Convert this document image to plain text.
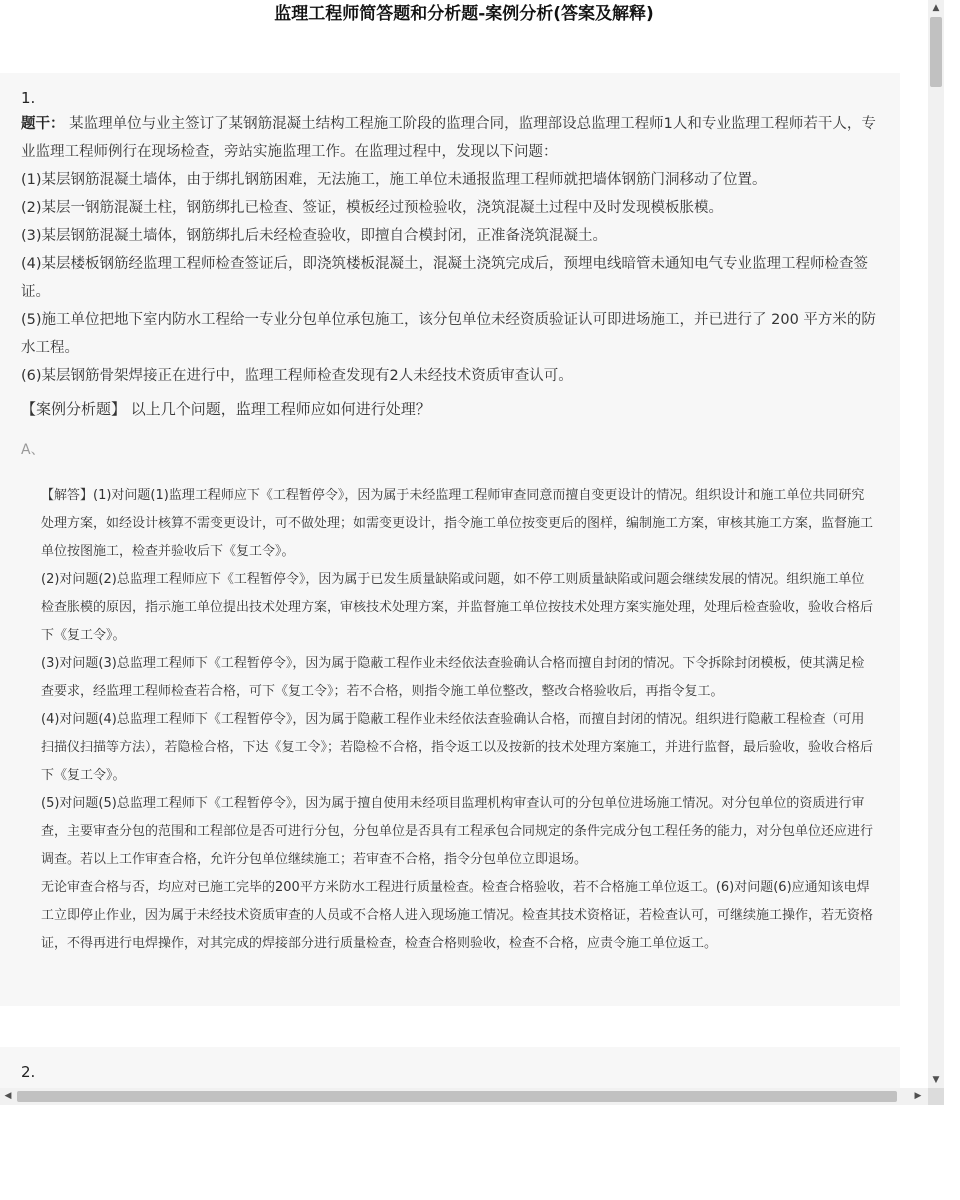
监理工程师简答题和分析题-案例分析(答案及解释)
1.

题干： 某监理单位与业主签订了某钢筋混凝土结构工程施工阶段的监理合同，监理部设总监理工程师1人和专业监理工程师若干人，专业监理工程师例行在现场检查，旁站实施监理工作。在监理过程中，发现以下问题：

(1)某层钢筋混凝土墙体，由于绑扎钢筋困难，无法施工，施工单位未通报监理工程师就把墙体钢筋门洞移动了位置。

(2)某层一钢筋混凝土柱，钢筋绑扎已检查、签证，模板经过预检验收，浇筑混凝土过程中及时发现模板胀模。

(3)某层钢筋混凝土墙体，钢筋绑扎后未经检查验收，即擅自合模封闭，正准备浇筑混凝土。

(4)某层楼板钢筋经监理工程师检查签证后，即浇筑楼板混凝土，混凝土浇筑完成后，预埋电线暗管未通知电气专业监理工程师检查签证。

(5)施工单位把地下室内防水工程给一专业分包单位承包施工，该分包单位未经资质验证认可即进场施工，并已进行了 200 平方米的防水工程。

(6)某层钢筋骨架焊接正在进行中，监理工程师检查发现有2人未经技术资质审查认可。

【案例分析题】 以上几个问题，监理工程师应如何进行处理？
A、

【解答】(1)对问题(1)监理工程师应下《工程暂停令》，因为属于未经监理工程师审查同意而擅自变更设计的情况。组织设计和施工单位共同研究处理方案，如经设计核算不需变更设计，可不做处理；如需变更设计，指令施工单位按变更后的图样，编制施工方案，审核其施工方案，监督施工单位按图施工，检查并验收后下《复工令》。

(2)对问题(2)总监理工程师应下《工程暂停令》，因为属于已发生质量缺陷或问题，如不停工则质量缺陷或问题会继续发展的情况。组织施工单位检查胀模的原因，指示施工单位提出技术处理方案，审核技术处理方案，并监督施工单位按技术处理方案实施处理，处理后检查验收，验收合格后下《复工令》。

(3)对问题(3)总监理工程师下《工程暂停令》，因为属于隐蔽工程作业未经依法查验确认合格而擅自封闭的情况。下令拆除封闭模板，使其满足检查要求，经监理工程师检查若合格，可下《复工令》；若不合格，则指令施工单位整改，整改合格验收后，再指令复工。

(4)对问题(4)总监理工程师下《工程暂停令》，因为属于隐蔽工程作业未经依法查验确认合格，而擅自封闭的情况。组织进行隐蔽工程检查（可用扫描仪扫描等方法），若隐检合格，下达《复工令》；若隐检不合格，指令返工以及按新的技术处理方案施工，并进行监督，最后验收，验收合格后下《复工令》。

(5)对问题(5)总监理工程师下《工程暂停令》，因为属于擅自使用未经项目监理机构审查认可的分包单位进场施工情况。对分包单位的资质进行审查，主要审查分包的范围和工程部位是否可进行分包，分包单位是否具有工程承包合同规定的条件完成分包工程任务的能力，对分包单位还应进行调查。若以上工作审查合格，允许分包单位继续施工；若审查不合格，指令分包单位立即退场。

无论审查合格与否，均应对已施工完毕的200平方米防水工程进行质量检查。检查合格验收，若不合格施工单位返工。(6)对问题(6)应通知该电焊工立即停止作业，因为属于未经技术资质审查的人员或不合格人进入现场施工情况。检查其技术资格证，若检查认可，可继续施工操作，若无资格证，不得再进行电焊操作，对其完成的焊接部分进行质量检查，检查合格则验收，检查不合格，应责令施工单位返工。

2.
▲
▼
◀	▶
